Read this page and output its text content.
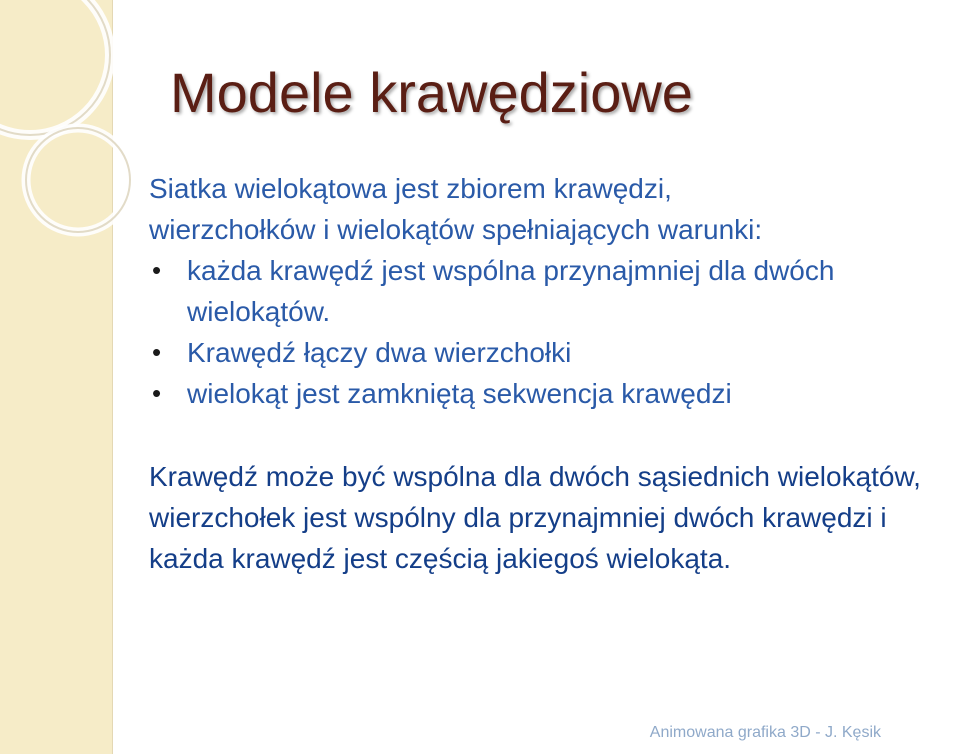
Modele krawędziowe

Siatka wielokątowa jest zbiorem krawędzi,

wierzchołków i wielokątów spełniających warunki:

• każda krawędź jest wspólna przynajmniej dla dwóch wielokątów.
• Krawędź łączy dwa wierzchołki
• wielokąt jest zamkniętą sekwencja krawędzi

Krawędź może być wspólna dla dwóch sąsiednich wielokątów, wierzchołek jest wspólny dla przynajmniej dwóch krawędzi i każda krawędź jest częścią jakiegoś wielokąta.

Animowana grafika 3D - J. Kęsik
